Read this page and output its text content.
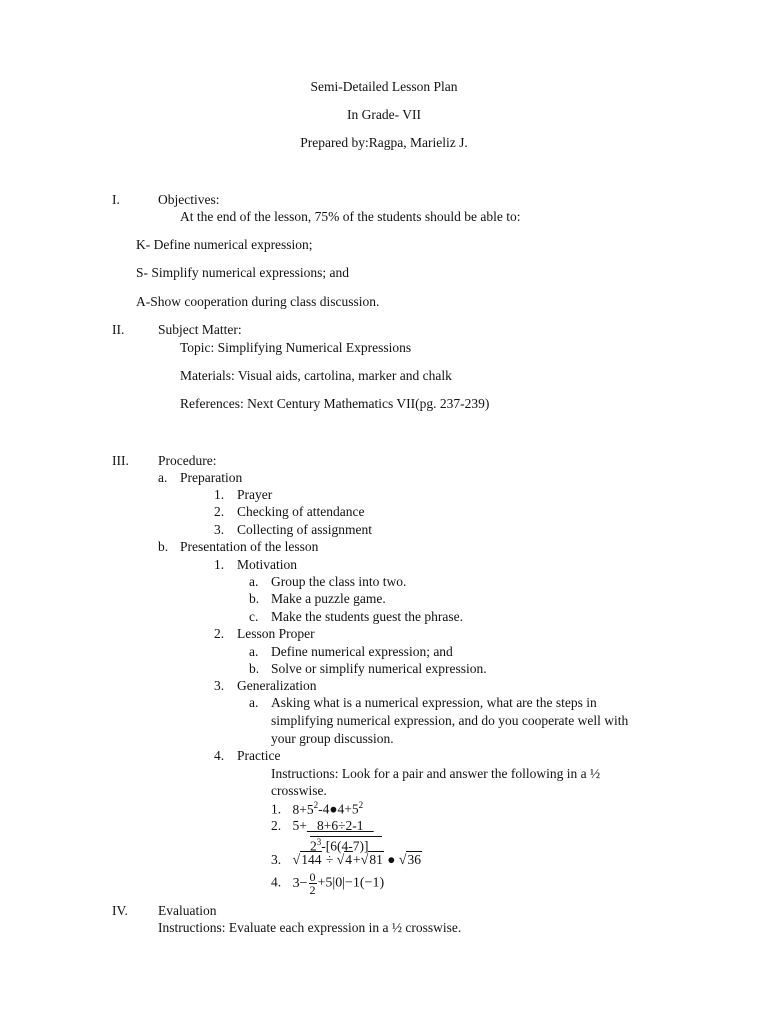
Semi-Detailed Lesson Plan
In Grade- VII
Prepared by:Ragpa, Marieliz J.
I.	Objectives:
At the end of the lesson, 75% of the students should be able to:
K- Define numerical expression;
S- Simplify numerical expressions; and
A-Show cooperation during class discussion.
II. Subject Matter:
Topic: Simplifying Numerical Expressions
Materials: Visual aids, cartolina, marker and chalk
References: Next Century Mathematics VII(pg. 237-239)
III. Procedure:
a. Preparation
1. Prayer
2. Checking of attendance
3. Collecting of assignment
b. Presentation of the lesson
1. Motivation
a. Group the class into two.
b. Make a puzzle game.
c. Make the students guest the phrase.
2. Lesson Proper
a. Define numerical expression; and
b. Solve or simplify numerical expression.
3. Generalization
a. Asking what is a numerical expression, what are the steps in
simplifying numerical expression, and do you cooperate well with
your group discussion.
4. Practice
Instructions: Look for a pair and answer the following in a ½
crosswise.
1. $8+5^2-4●4+5^2$
2. 5+   8+6÷2-1
$2^3-[6(4-7)]$
3. √144 ÷ √4+√81 ● √36
4. $3- \frac{0}{2} +5|0|-1(-1)$
IV. Evaluation
Instructions: Evaluate each expression in a ½ crosswise.
